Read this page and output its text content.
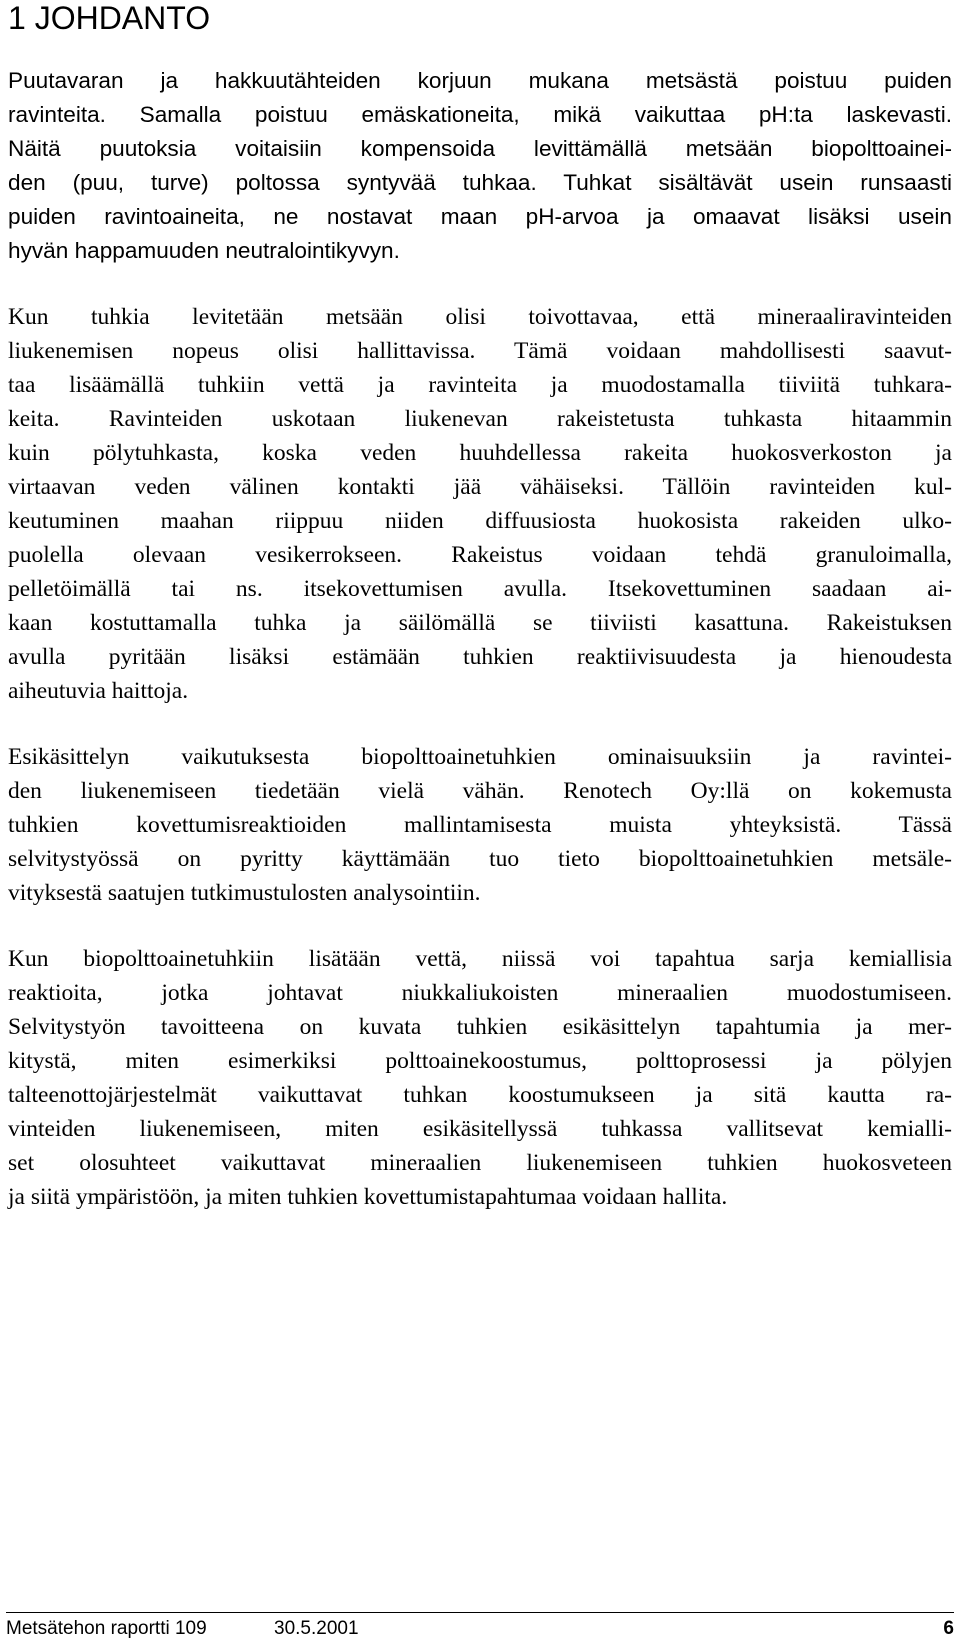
1 JOHDANTO

Puutavaran ja hakkuutähteiden korjuun mukana metsästä poistuu puiden
ravinteita. Samalla poistuu emäskationeita, mikä vaikuttaa pH:ta laskevasti.
Näitä puutoksia voitaisiin kompensoida levittämällä metsään biopolttoainei-
den (puu, turve) poltossa syntyvää tuhkaa. Tuhkat sisältävät usein runsaasti
puiden ravintoaineita, ne nostavat maan pH-arvoa ja omaavat lisäksi usein
hyvän happamuuden neutralointikyvyn.

Kun tuhkia levitetään metsään olisi toivottavaa, että mineraaliravinteiden
liukenemisen nopeus olisi hallittavissa. Tämä voidaan mahdollisesti saavut-
taa lisäämällä tuhkiin vettä ja ravinteita ja muodostamalla tiiviitä tuhkara-
keita. Ravinteiden uskotaan liukenevan rakeistetusta tuhkasta hitaammin
kuin pölytuhkasta, koska veden huuhdellessa rakeita huokosverkoston ja
virtaavan veden välinen kontakti jää vähäiseksi. Tällöin ravinteiden kul-
keutuminen maahan riippuu niiden diffuusiosta huokosista rakeiden ulko-
puolella olevaan vesikerrokseen. Rakeistus voidaan tehdä granuloimalla,
pelletöimällä tai ns. itsekovettumisen avulla. Itsekovettuminen saadaan ai-
kaan kostuttamalla tuhka ja säilömällä se tiiviisti kasattuna. Rakeistuksen
avulla pyritään lisäksi estämään tuhkien reaktiivisuudesta ja hienoudesta
aiheutuvia haittoja.

Esikäsittelyn vaikutuksesta biopolttoainetuhkien ominaisuuksiin ja ravintei-
den liukenemiseen tiedetään vielä vähän. Renotech Oy:llä on kokemusta
tuhkien kovettumisreaktioiden mallintamisesta muista yhteyksistä. Tässä
selvitystyössä on pyritty käyttämään tuo tieto biopolttoainetuhkien metsäle-
vityksestä saatujen tutkimustulosten analysointiin.

Kun biopolttoainetuhkiin lisätään vettä, niissä voi tapahtua sarja kemiallisia
reaktioita, jotka johtavat niukkaliukoisten mineraalien muodostumiseen.
Selvitystyön tavoitteena on kuvata tuhkien esikäsittelyn tapahtumia ja mer-
kitystä, miten esimerkiksi polttoainekoostumus, polttoprosessi ja pölyjen
talteenottojärjestelmät vaikuttavat tuhkan koostumukseen ja sitä kautta ra-
vinteiden liukenemiseen, miten esikäsitellyssä tuhkassa vallitsevat kemialli-
set olosuhteet vaikuttavat mineraalien liukenemiseen tuhkien huokosveteen
ja siitä ympäristöön, ja miten tuhkien kovettumistapahtumaa voidaan hallita.

Metsätehon raportti 109	30.5.2001	6
